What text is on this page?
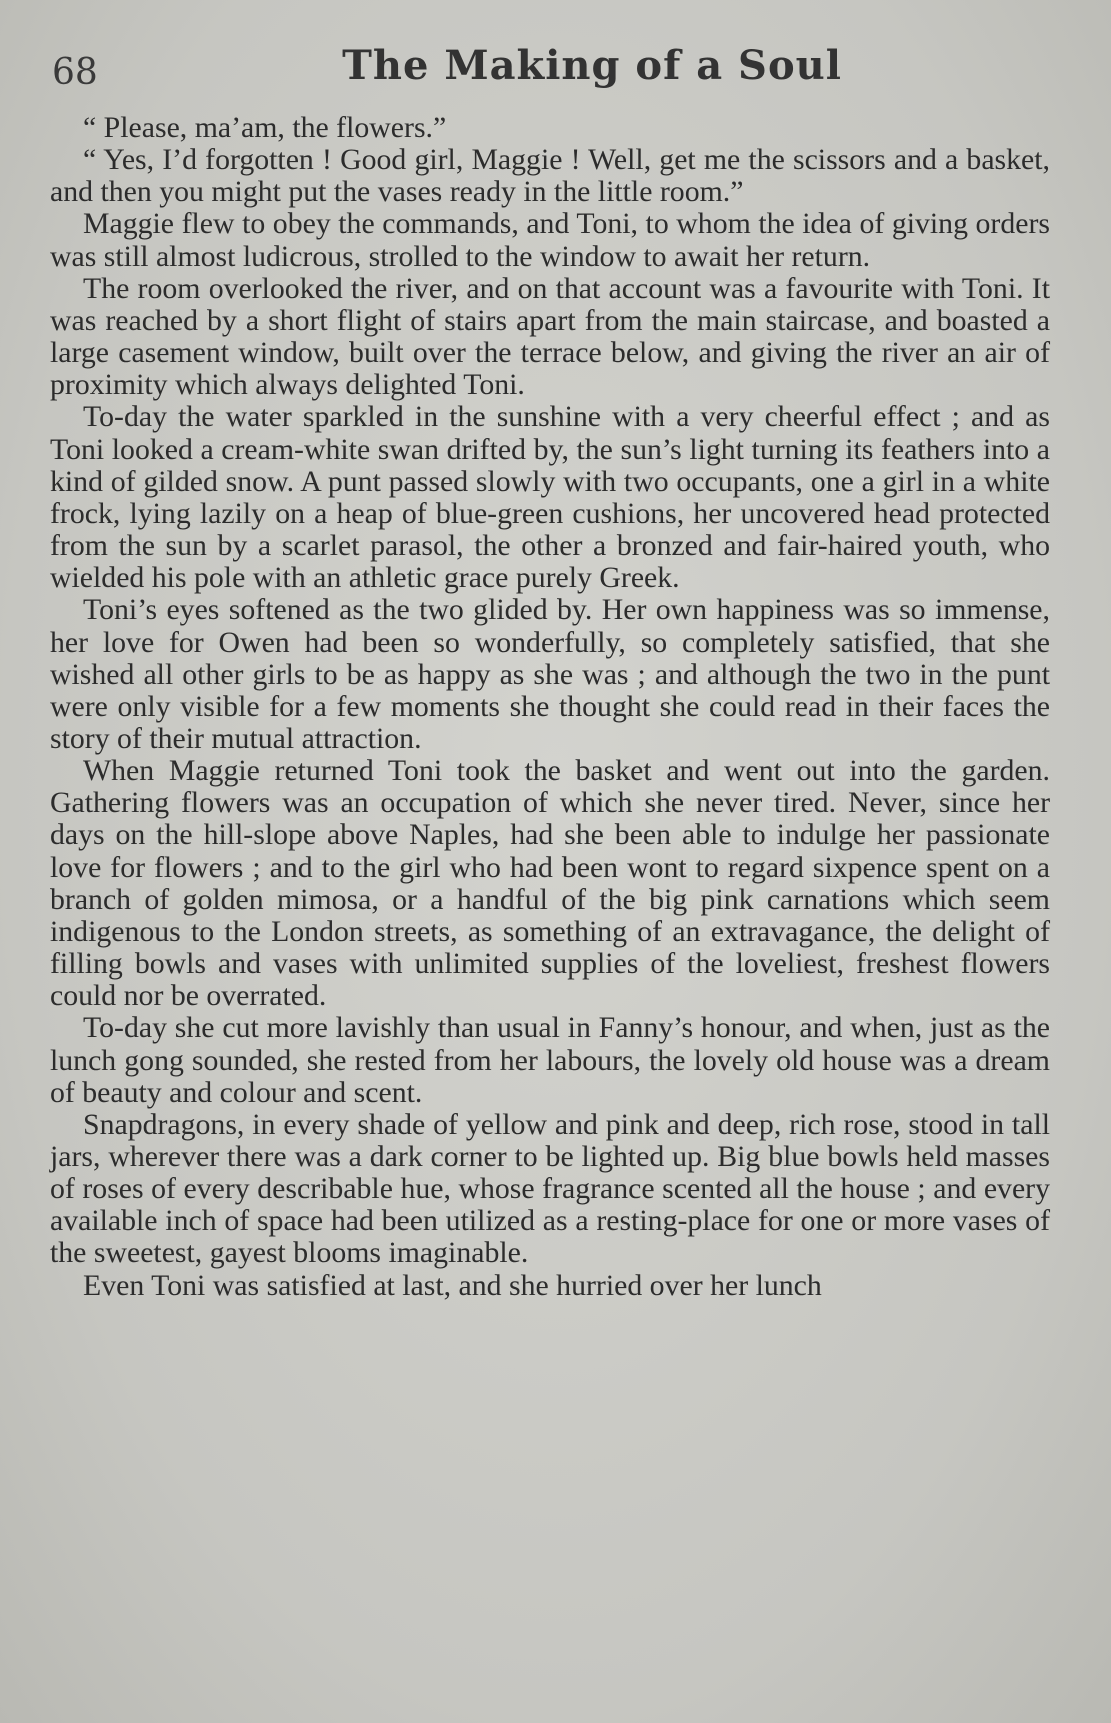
68	The Making of a Soul

“ Please, ma’am, the flowers.”

“ Yes, I’d forgotten ! Good girl, Maggie ! Well, get me the scissors and a basket, and then you might put the vases ready in the little room.”

Maggie flew to obey the commands, and Toni, to whom the idea of giving orders was still almost ludicrous, strolled to the window to await her return.

The room overlooked the river, and on that account was a favourite with Toni. It was reached by a short flight of stairs apart from the main staircase, and boasted a large casement window, built over the terrace below, and giving the river an air of proximity which always delighted Toni.

To-day the water sparkled in the sunshine with a very cheerful effect ; and as Toni looked a cream-white swan drifted by, the sun’s light turning its feathers into a kind of gilded snow. A punt passed slowly with two occupants, one a girl in a white frock, lying lazily on a heap of blue-green cushions, her uncovered head protected from the sun by a scarlet parasol, the other a bronzed and fair-haired youth, who wielded his pole with an athletic grace purely Greek.

Toni’s eyes softened as the two glided by. Her own happiness was so immense, her love for Owen had been so wonderfully, so completely satisfied, that she wished all other girls to be as happy as she was ; and although the two in the punt were only visible for a few moments she thought she could read in their faces the story of their mutual attraction.

When Maggie returned Toni took the basket and went out into the garden. Gathering flowers was an occupation of which she never tired. Never, since her days on the hill-slope above Naples, had she been able to indulge her passionate love for flowers ; and to the girl who had been wont to regard sixpence spent on a branch of golden mimosa, or a handful of the big pink carnations which seem indigenous to the London streets, as something of an extravagance, the delight of filling bowls and vases with unlimited supplies of the loveliest, freshest flowers could nor be overrated.

To-day she cut more lavishly than usual in Fanny’s honour, and when, just as the lunch gong sounded, she rested from her labours, the lovely old house was a dream of beauty and colour and scent.

Snapdragons, in every shade of yellow and pink and deep, rich rose, stood in tall jars, wherever there was a dark corner to be lighted up. Big blue bowls held masses of roses of every describable hue, whose fragrance scented all the house ; and every available inch of space had been utilized as a resting-place for one or more vases of the sweetest, gayest blooms imaginable.

Even Toni was satisfied at last, and she hurried over her lunch
